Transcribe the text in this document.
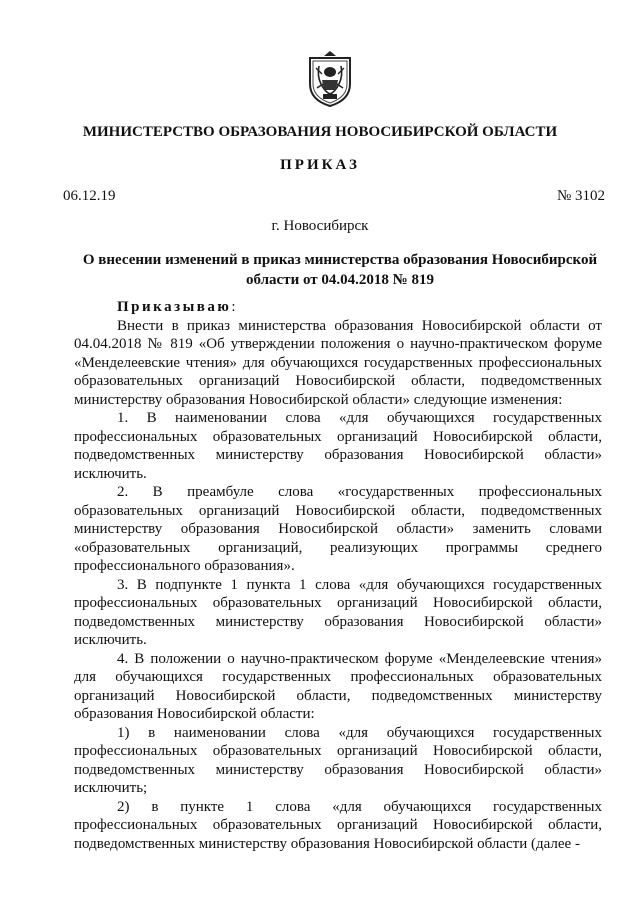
МИНИСТЕРСТВО ОБРАЗОВАНИЯ НОВОСИБИРСКОЙ ОБЛАСТИ
ПРИКАЗ
06.12.19	№ 3102
г. Новосибирск
О внесении изменений в приказ министерства образования Новосибирской области от 04.04.2018 № 819

Приказываю:

Внести в приказ министерства образования Новосибирской области от 04.04.2018 № 819 «Об утверждении положения о научно-практическом форуме «Менделеевские чтения» для обучающихся государственных профессиональных образовательных организаций Новосибирской области, подведомственных министерству образования Новосибирской области» следующие изменения:

1. В наименовании слова «для обучающихся государственных профессиональных образовательных организаций Новосибирской области, подведомственных министерству образования Новосибирской области» исключить.

2. В преамбуле слова «государственных профессиональных образовательных организаций Новосибирской области, подведомственных министерству образования Новосибирской области» заменить словами «образовательных организаций, реализующих программы среднего профессионального образования».

3. В подпункте 1 пункта 1 слова «для обучающихся государственных профессиональных образовательных организаций Новосибирской области, подведомственных министерству образования Новосибирской области» исключить.

4. В положении о научно-практическом форуме «Менделеевские чтения» для обучающихся государственных профессиональных образовательных организаций Новосибирской области, подведомственных министерству образования Новосибирской области:

1) в наименовании слова «для обучающихся государственных профессиональных образовательных организаций Новосибирской области, подведомственных министерству образования Новосибирской области» исключить;

2) в пункте 1 слова «для обучающихся государственных профессиональных образовательных организаций Новосибирской области, подведомственных министерству образования Новосибирской области (далее -
